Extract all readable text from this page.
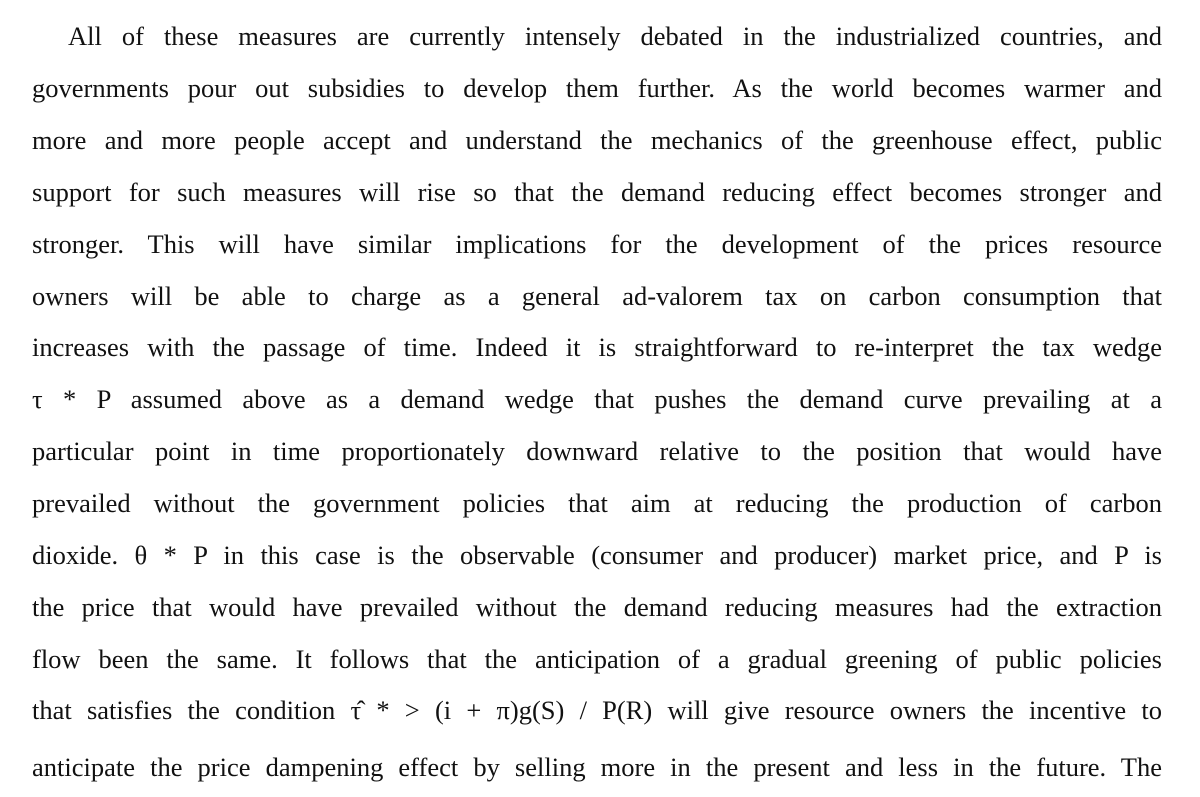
All of these measures are currently intensely debated in the industrialized countries, and
governments pour out subsidies to develop them further. As the world becomes warmer and
more and more people accept and understand the mechanics of the greenhouse effect, public
support for such measures will rise so that the demand reducing effect becomes stronger and
stronger. This will have similar implications for the development of the prices resource
owners will be able to charge as a general ad-valorem tax on carbon consumption that
increases with the passage of time. Indeed it is straightforward to re-interpret the tax wedge
τ * P assumed above as a demand wedge that pushes the demand curve prevailing at a
particular point in time proportionately downward relative to the position that would have
prevailed without the government policies that aim at reducing the production of carbon
dioxide. θ * P in this case is the observable (consumer and producer) market price, and P is
the price that would have prevailed without the demand reducing measures had the extraction
flow been the same. It follows that the anticipation of a gradual greening of public policies
that satisfies the condition τ̂ * > (i + π)g(S) / P(R) will give resource owners the incentive to
anticipate the price dampening effect by selling more in the present and less in the future. The
